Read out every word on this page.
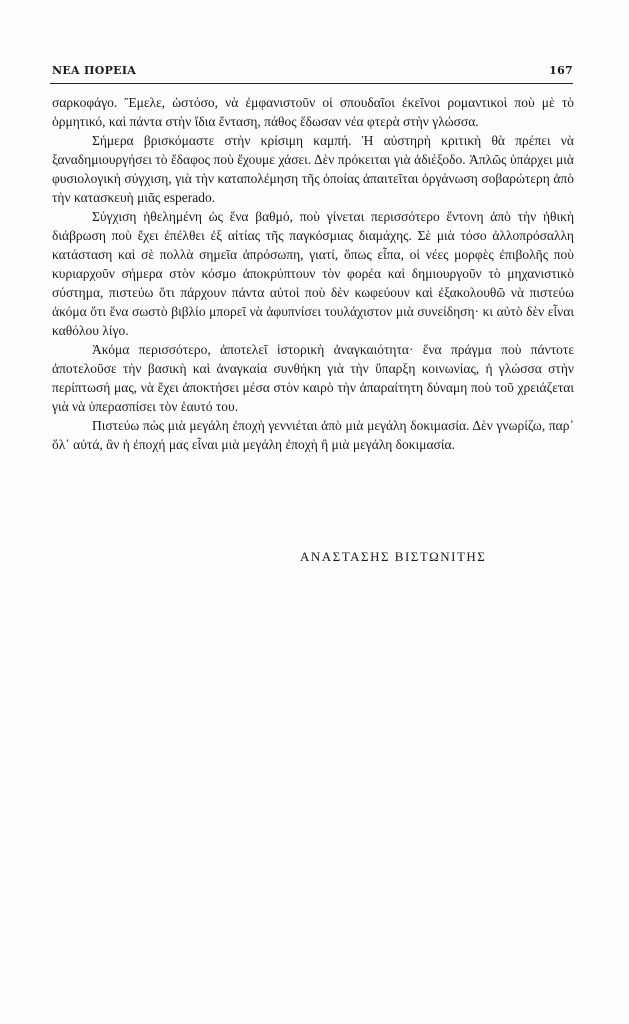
ΝΕΑ ΠΟΡΕΙΑ	167

σαρκοφάγο. Ἔμελε, ὡστόσο, νὰ ἐμφανιστοῦν οἱ σπουδαῖοι ἐκεῖνοι ρομαντικοὶ ποὺ μὲ τὸ ὁρμητικό, καὶ πάντα στὴν ἴδια ἔνταση, πάθος ἔδωσαν νέα φτερὰ στὴν γλώσσα.

Σήμερα βρισκόμαστε στὴν κρίσιμη καμπή. Ἡ αὐστηρὴ κριτικὴ θὰ πρέπει νὰ ξαναδημιουργήσει τὸ ἔδαφος ποὺ ἔχουμε χάσει. Δὲν πρόκειται γιὰ ἀδιέξοδο. Ἁπλῶς ὑπάρχει μιὰ φυσιολογικὴ σύγχιση, γιὰ τὴν καταπολέμηση τῆς ὁποίας ἀπαιτεῖται ὀργάνωση σοβαρώτερη ἀπὸ τὴν κατασκευὴ μιᾶς esperado.

Σύγχιση ἠθελημένη ὡς ἕνα βαθμό, ποὺ γίνεται περισσότερο ἔντονη ἀπὸ τὴν ἠθικὴ διάβρωση ποὺ ἔχει ἐπέλθει ἐξ αἰτίας τῆς παγκόσμιας διαμάχης. Σὲ μιὰ τόσο ἀλλοπρόσαλλη κατάσταση καὶ σὲ πολλὰ σημεῖα ἀπρόσωπη, γιατί, ὅπως εἶπα, οἱ νέες μορφὲς ἐπιβολῆς ποὺ κυριαρχοῦν σήμερα στὸν κόσμο ἀποκρύπτουν τὸν φορέα καὶ δημιουργοῦν τὸ μηχανιστικὸ σύστημα, πιστεύω ὅτι πάρχουν πάντα αὐτοὶ ποὺ δὲν κωφεύουν καὶ ἐξακολουθῶ νὰ πιστεύω ἀκόμα ὅτι ἕνα σωστὸ βιβλίο μπορεῖ νὰ ἀφυπνίσει τουλάχιστον μιὰ συνείδηση· κι αὐτὸ δὲν εἶναι καθόλου λίγο.

Ἀκόμα περισσότερο, ἀποτελεῖ ἱστορικὴ ἀναγκαιότητα· ἕνα πράγμα ποὺ πάντοτε ἀποτελοῦσε τὴν βασικὴ καὶ ἀναγκαία συνθήκη γιὰ τὴν ὕπαρξη κοινωνίας, ἡ γλώσσα στὴν περίπτωσή μας, νὰ ἔχει ἀποκτήσει μέσα στὸν καιρὸ τὴν ἀπαραίτητη δύναμη ποὺ τοῦ χρειάζεται γιὰ νὰ ὑπερασπίσει τὸν ἑαυτό του.

Πιστεύω πὼς μιὰ μεγάλη ἐποχὴ γεννιέται ἀπὸ μιὰ μεγάλη δοκιμασία. Δὲν γνωρίζω, παρ᾽ ὅλ᾽ αὐτά, ἂν ἡ ἐποχή μας εἶναι μιὰ μεγάλη ἐποχὴ ἢ μιὰ μεγάλη δοκιμασία.

ΑΝΑΣΤΑΣΗΣ ΒΙΣΤΩΝΙΤΗΣ
